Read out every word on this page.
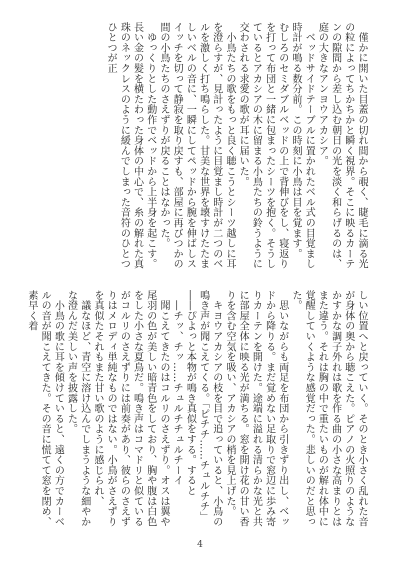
　僅かに開いた目蓋の切れ間から覗く、睫毛に滴る光の粒によってちかちかと瞬く視界。そこに映るカーテンの隙間から差し込む朝日の光を淡く和らげるのは、庭の大きなアンヨウアカシア。
　ベッドサイドテーブルに置かれたベル式の目覚まし時計が鳴る数分前。この時刻に小鳥は目を覚ます。
むしろのセミダブルベッドの上で背伸びをし、寝返りを打って布団と一緒に包まったシーツを抱く。そうしているとアカシアの木に留まる小鳥たちの鈴うように交わされる求愛の歌が耳に届いた。
　小鳥たちの歌をもっと良く聴こうとシーツ越しに耳を澄らすが、見計ったように目覚まし時計が二つのベルを激しく打ち鳴らした。甘美な世界を壊すけたたましいベルの音に、一瞬にしてペッドから腕を伸ばしスイッチを切って静寂を取り戻すも、部屋に再びつかの間の小鳥たちのさえずりが戻ることはなかった。
　ゆっくりとした動作でベッドから上半身を起こす。長い金の髪を横たわった身体の中心で、糸の解れた真珠のネックレスのように緩んでしまった音符のひとつひとつが正
しい位置へと戻っていく。そのとき小さく乱れた音が身体の奥から聴こえた。ピアノの火照りのようなかすかな調子外れは歌を作る曲の小さな高まりとはまた違う。それは胸の中で重たいものが解れ体中に覚醒していくような感覚だった。悲しいのだと思った。
　思いながらも両足を布団から引きずり出し、ベッドから降りる。まだ覚めない足取りで窓辺に歩み寄りカーテンを開けた。途端に溢れる清らかな光と共に部屋全体に映る光が満ちる。窓を開け花の甘い香りを含む空気を吸い、アカシアの梢を見上げた。
　キヨウアカシアの枝を目で追っていると、小鳥の鳴き声が聞こえてくる。「ピチチ……チュルチチ」
――ぴよっと本物が鳴き真似をする。すると
　―チッ、チッ……チュルチチュルチーイ
　聞こえてきたのはコルリのさえずり。オスは翼や尾羽の色が美しい暗青色をしており、胸や腹は白色をした小さな夏鳥だ。鳴き声はコマドリと似ているがコルリのさえずりには前奏があり、彼らのさえずりはメロディ単純なものではない。小鳥がさえずりを真似たそれもまた甘い歌のように感じられ、
　議なほど、青空に溶け込んでしまうような細やかな澄んだ美しい声を披露した。
　小鳥の歌に耳を傾けていると、遠くの方でカーベルの音が聞こえてきた。その音に慌てて窓を閉め、素早く着
4
